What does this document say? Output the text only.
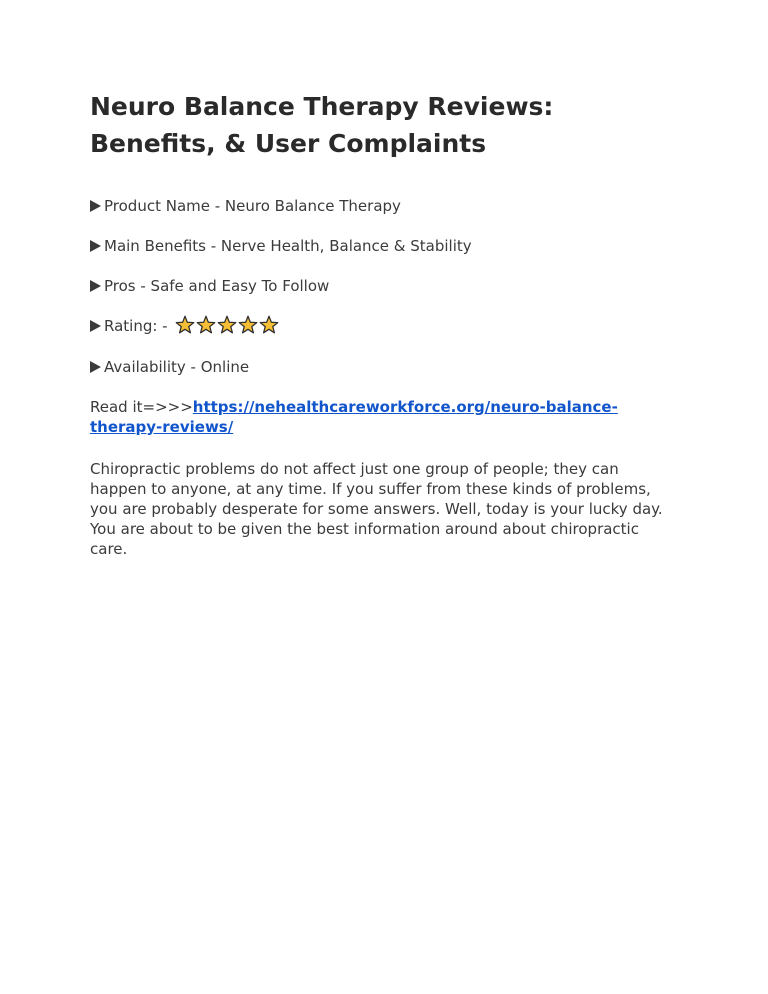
Neuro Balance Therapy Reviews: Benefits, & User Complaints
Product Name - Neuro Balance Therapy
Main Benefits - Nerve Health, Balance & Stability
Pros - Safe and Easy To Follow
Rating: -
Availability - Online

Read it=>>>https://nehealthcareworkforce.org/neuro-balance-therapy-reviews/

Chiropractic problems do not affect just one group of people; they can happen to anyone, at any time. If you suffer from these kinds of problems, you are probably desperate for some answers. Well, today is your lucky day. You are about to be given the best information around about chiropractic care.
